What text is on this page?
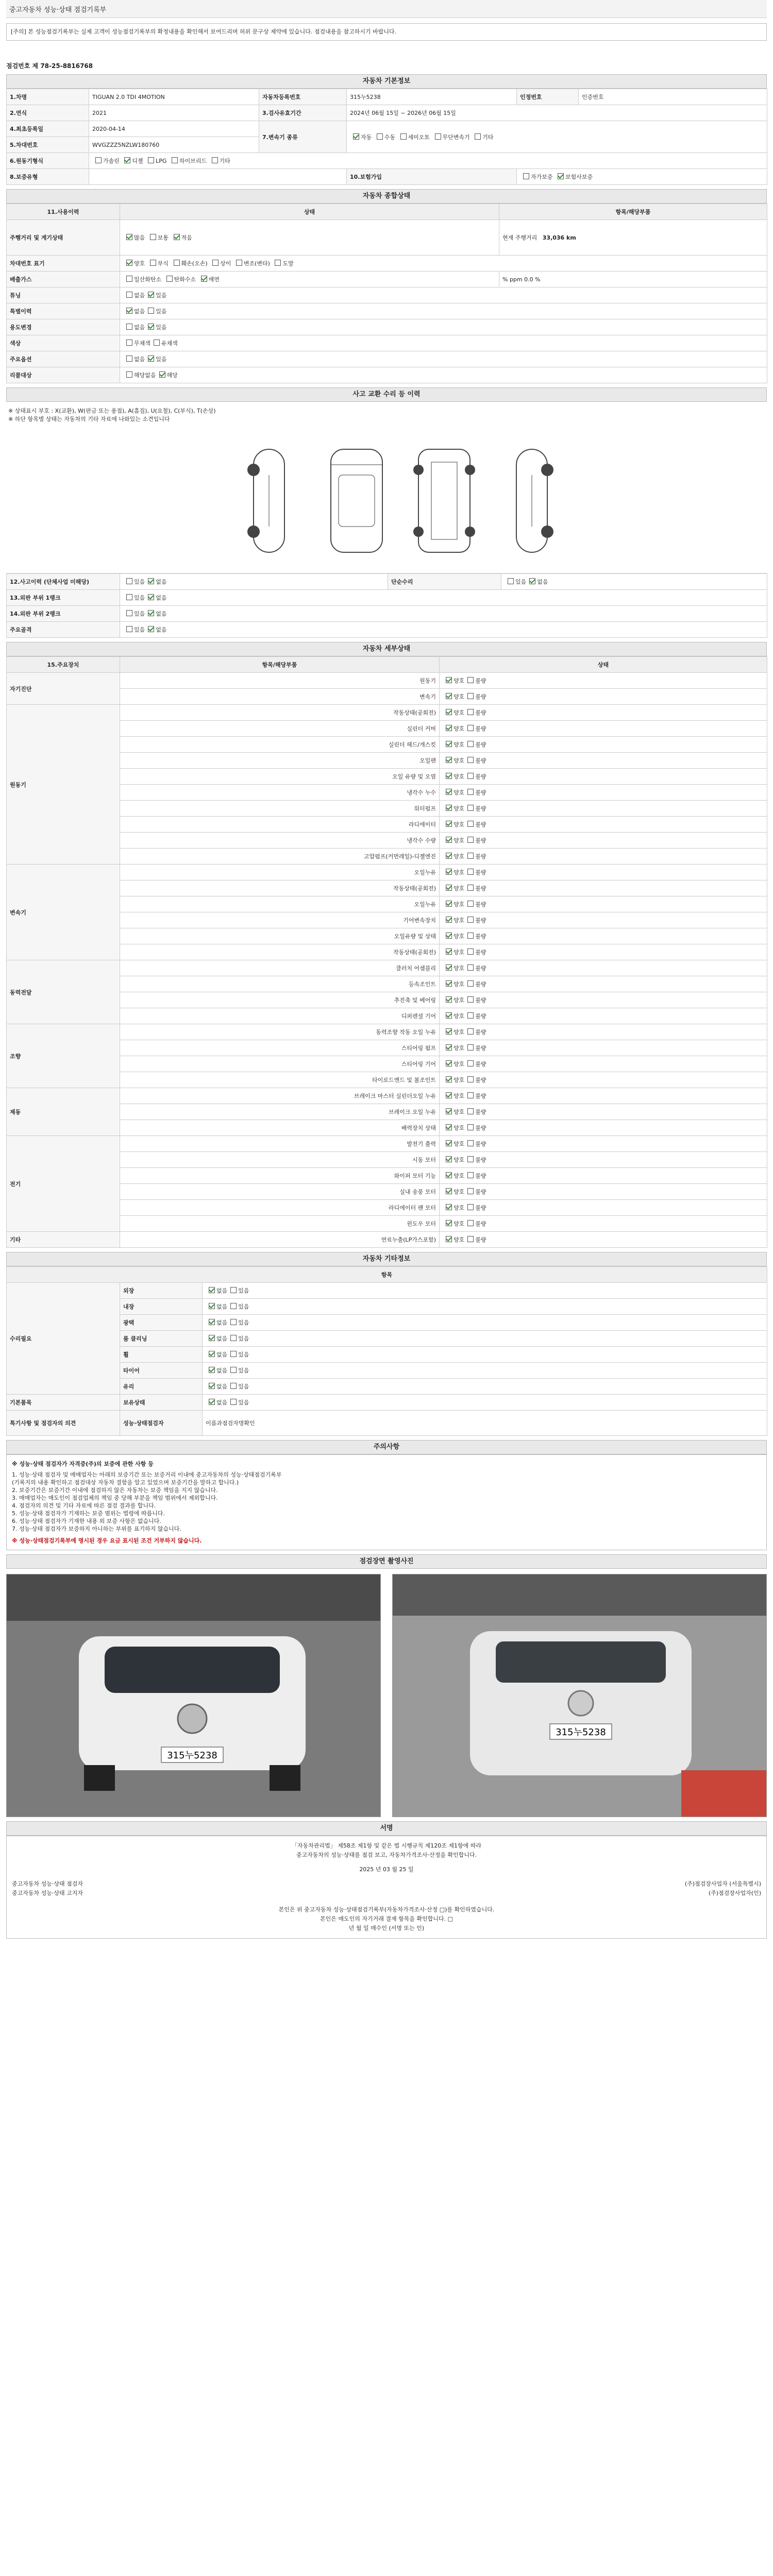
중고자동차 성능·상태 점검기록부
[주의] 본 성능점검기록부는 실제 고객이 성능점검기록부의 확정내용을 확인해서 보여드리며 허위 문구상 제약에 있습니다. 점검내용을 참고하시기 바랍니다.
점검번호 제 78-25-8816768
자동차 기본정보
1.차명	TIGUAN 2.0 TDI 4MOTION	자동차등록번호	315누5238	인정번호	인증번호
2.연식	2021	3.검사유효기간	2024년 06월 15일 ~ 2026년 06월 15일		
4.최초등록일	2020-04-14	7.변속기 종류	자동 수동 세미오토 무단변속기 기타		
5.차대번호	WVGZZZ5NZLW180760				
6.원동기형식	가솔린 디젤 LPG 하이브리드 기타				
8.보증유형			10.보험가입	자가보증 보험사보증	
자동차 종합상태
11.사용이력	상태	항목/해당부품
주행거리 및 계기상태	많음 보통 적음	현재 주행거리 33,036 km
차대번호 표기	양호 부식 훼손(오손) 상이 변조(변타) 도말	
배출가스	일산화탄소 탄화수소 매연	% ppm 0.0 %
튜닝	없음 있음	
특별이력	없음 있음	
용도변경	없음 있음	
색상	무채색 유채색	
주요옵션	없음 있음	
리콜대상	해당없음 해당	
사고 교환 수리 등 이력
※ 상태표시 부호 : X(교환), W(판금 또는 용접), A(흠집), U(요철), C(부식), T(손상)
※ 하단 항목별 상태는 자동차의 기타 자료에 나와있는 소견입니다
12.사고이력 (단체사업 미해당)	있음 없음	단순수리	있음 없음
13.외판 부위 1랭크	있음 없음		
14.외판 부위 2랭크	있음 없음		
주요골격	있음 없음		
자동차 세부상태
15.주요장치	항목/해당부품	상태
자기진단	원동기	양호 불량
	변속기	양호 불량
원동기	작동상태(공회전)	양호 불량
	실린더 커버	양호 불량
	실린더 헤드/개스킷	양호 불량
	오일팬	양호 불량
	오일 유량 및 오염	양호 불량
	냉각수 누수	양호 불량
	워터펌프	양호 불량
	라디에이터	양호 불량
	냉각수 수량	양호 불량
	고압펌프(커먼레일)-디젤엔진	양호 불량
변속기	오일누유	양호 불량
	작동상태(공회전)	양호 불량
	오일누유	양호 불량
	기어변속장치	양호 불량
	오일유량 및 상태	양호 불량
	작동상태(공회전)	양호 불량
동력전달	클러치 어셈블리	양호 불량
	등속조인트	양호 불량
	추진축 및 베어링	양호 불량
	디퍼렌셜 기어	양호 불량
조향	동력조향 작동 오일 누유	양호 불량
	스티어링 펌프	양호 불량
	스티어링 기어	양호 불량
	타이로드엔드 및 볼조인트	양호 불량
제동	브레이크 마스터 실린더오일 누유	양호 불량
	브레이크 오일 누유	양호 불량
	배력장치 상태	양호 불량
전기	발전기 출력	양호 불량
	시동 모터	양호 불량
	와이퍼 모터 기능	양호 불량
	실내 송풍 모터	양호 불량
	라디에이터 팬 모터	양호 불량
	윈도우 모터	양호 불량
기타	연료누출(LP가스포함)	양호 불량
자동차 기타정보
항목		
수리필요	외장	없음 있음
	내장	없음 있음
	광택	없음 있음
	룸 클리닝	없음 있음
	휠	없음 있음
	타이어	없음 있음
	유리	없음 있음
기본품목	보유상태	없음 있음
특기사항 및 점검자의 의견	성능·상태점검자	이름과점검자명확인
주의사항
※ 성능·상태 점검자가 자격증(주)의 보증에 관한 사항 등
1. 성능·상태 점검자 및 매매업자는 아래의 보증기간 또는 보증거리 이내에 중고자동차의 성능·상태점검기록부
(기록지의 내용 확인하고 점검대상 자동차 결함을 알고 있었으며 보증기간을 말하고 합니다.)
2. 보증기간은 보증기간 이내에 점검하지 않은 자동차는 보증 책임을 지지 않습니다.
3. 매매업자는 매도인이 점검업체의 책임 중 당해 부분을 책임 범위에서 제외합니다.
4. 점검자의 의견 및 기타 자료에 따른 점검 결과를 합니다.
5. 성능·상태 점검자가 기재하는 보증 범위는 법령에 따릅니다.
6. 성능·상태 점검자가 기재한 내용 외 보증 사항은 없습니다.
7. 성능·상태 점검자가 보증하지 아니하는 부위를 표기하지 않습니다.
※ 성능·상태점검기록부에 명시된 경우 요금 표시된 조건 거부하지 않습니다.
점검장면 촬영사진
315누5238
315누5238
서명
「자동차관리법」 제58조 제1항 및 같은 법 시행규칙 제120조 제1항에 따라
중고자동차의 성능·상태를 점검 보고, 자동차가격조사·산정을 확인합니다.
2025 년 03 월 25 일
중고자동차 성능·상태 점검자	(주)점검장사업자 (서울특별시)
중고자동차 성능·상태 고지자	(주)점검장사업자(인)
본인은 위 중고자동차 성능·상태점검기록부(자동차가격조사·산정 □)를 확인하였습니다.
본인은 매도인의 자기거래 결재 항목을 확인합니다. □
년 월 일 매수인 (서명 또는 인)
